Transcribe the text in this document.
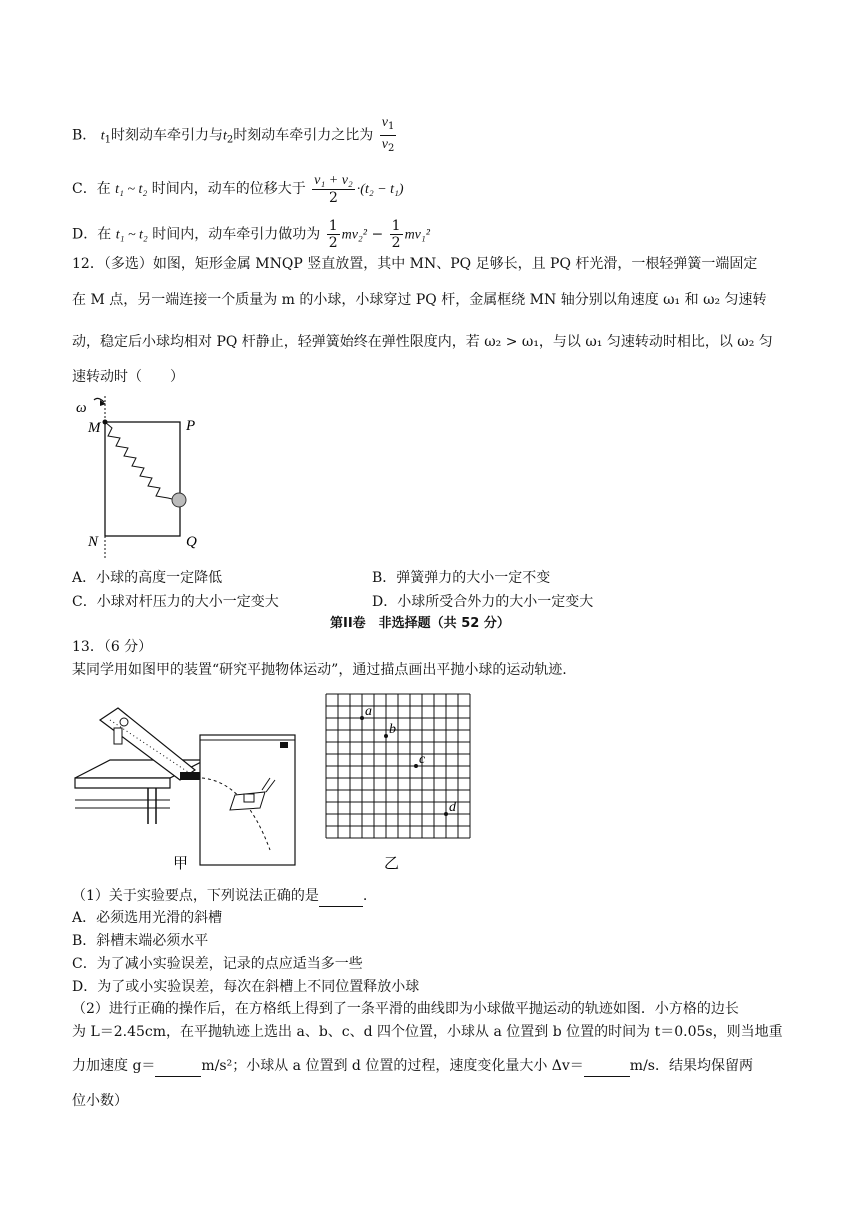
B． $t_1$时刻动车牵引力与$t_2$时刻动车牵引力之比为 $\frac{v_1}{v_2}$
C．在 t₁ ~ t₂ 时间内，动车的位移大于 $\frac{\text{v₁ + v₂}}{2} \cdot(t_2 - t_1)$
D．在 t₁ ~ t₂ 时间内，动车牵引力做功为 $\frac{1}{2} mv_2^2 - \frac{1}{2} mv_1^2$
12．（多选）如图，矩形金属 MNQP 竖直放置，其中 MN、PQ 足够长，且 PQ 杆光滑，一根轻弹簧一端固定
在 M 点，另一端连接一个质量为 m 的小球，小球穿过 PQ 杆，金属框绕 MN 轴分别以角速度 ω₁ 和 ω₂ 匀速转
动，稳定后小球均相对 PQ 杆静止，轻弹簧始终在弹性限度内，若 ω₂ > ω₁，与以 ω₁ 匀速转动时相比，以 ω₂ 匀
速转动时（　　）
ω
M	P
N	Q
A．小球的高度一定降低	B．弹簧弹力的大小一定不变
C．小球对杆压力的大小一定变大	D．小球所受合外力的大小一定变大
第II卷　非选择题（共 52 分）
13．（6 分）
某同学用如图甲的装置“研究平抛物体运动”，通过描点画出平抛小球的运动轨迹.
甲
a
b
c
d
乙
（1）关于实验要点，下列说法正确的是	.
A．必须选用光滑的斜槽
B．斜槽末端必须水平
C．为了减小实验误差，记录的点应适当多一些
D．为了或小实验误差，每次在斜槽上不同位置释放小球
（2）进行正确的操作后，在方格纸上得到了一条平滑的曲线即为小球做平抛运动的轨迹如图．小方格的边长
为 L＝2.45cm，在平抛轨迹上选出 a、b、c、d 四个位置，小球从 a 位置到 b 位置的时间为 t＝0.05s，则当地重
力加速度 g＝	m/s²；小球从 a 位置到 d 位置的过程，速度变化量大小 Δv＝	m/s．结果均保留两
位小数）
